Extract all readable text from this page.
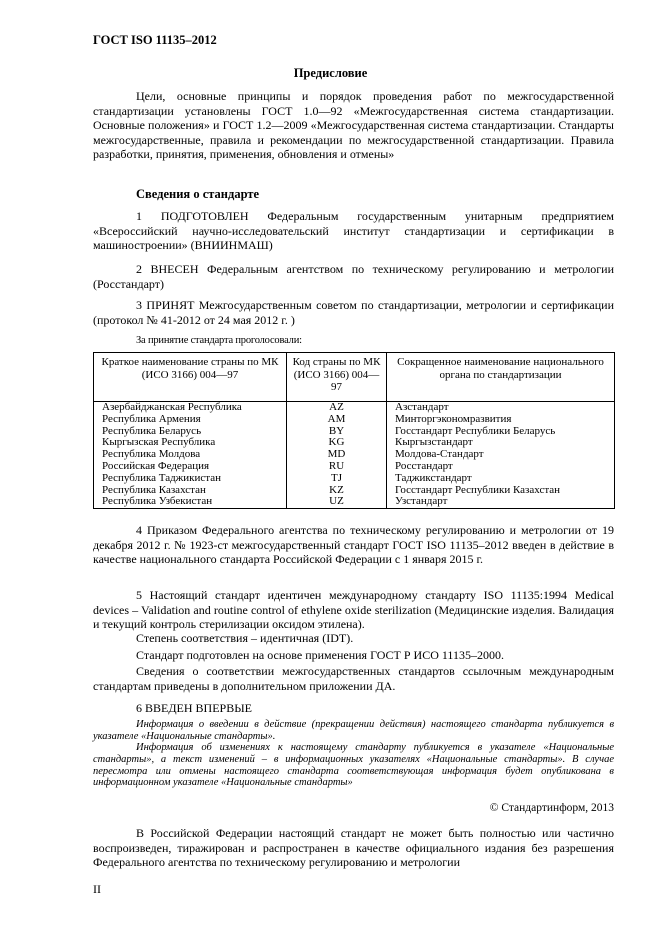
ГОСТ ISO 11135–2012
Предисловие
Цели, основные принципы и порядок проведения работ по межгосударственной стандартизации установлены ГОСТ 1.0—92 «Межгосударственная система стандартизации. Основные положения» и ГОСТ 1.2—2009 «Межгосударственная система стандартизации. Стандарты межгосударственные, правила и рекомендации по межгосударственной стандартизации. Правила разработки, принятия, применения, обновления и отмены»
Сведения о стандарте
1 ПОДГОТОВЛЕН Федеральным государственным унитарным предприятием «Всероссийский научно-исследовательский институт стандартизации и сертификации в машиностроении» (ВНИИНМАШ)
2 ВНЕСЕН Федеральным агентством по техническому регулированию и метрологии (Росстандарт)
3 ПРИНЯТ Межгосударственным советом по стандартизации, метрологии и сертификации (протокол № 41-2012 от 24 мая 2012 г. )
За принятие стандарта проголосовали:
Краткое наименование страны по МК (ИСО 3166) 004—97	Код страны по МК (ИСО 3166) 004—97	Сокращенное наименование национального органа по стандартизации
Азербайджанская Республика	AZ	Азстандарт
Республика Армения	AM	Минторгэкономразвития
Республика Беларусь	BY	Госстандарт Республики Беларусь
Кыргызская Республика	KG	Кыргызстандарт
Республика Молдова	MD	Молдова-Стандарт
Российская Федерация	RU	Росстандарт
Республика Таджикистан	TJ	Таджикстандарт
Республика Казахстан	KZ	Госстандарт Республики Казахстан
Республика Узбекистан	UZ	Узстандарт
4 Приказом Федерального агентства по техническому регулированию и метрологии от 19 декабря 2012 г. № 1923-ст межгосударственный стандарт ГОСТ ISO 11135–2012 введен в действие в качестве национального стандарта Российской Федерации с 1 января 2015 г.
5 Настоящий стандарт идентичен международному стандарту ISO 11135:1994 Medical devices – Validation and routine control of ethylene oxide sterilization (Медицинские изделия. Валидация и текущий контроль стерилизации оксидом этилена).
Степень соответствия – идентичная (IDT).
Стандарт подготовлен на основе применения ГОСТ Р ИСО 11135–2000.
Сведения о соответствии межгосударственных стандартов ссылочным международным стандартам приведены в дополнительном приложении ДА.
6 ВВЕДЕН ВПЕРВЫЕ
Информация о введении в действие (прекращении действия) настоящего стандарта публикуется в указателе «Национальные стандарты».
Информация об изменениях к настоящему стандарту публикуется в указателе «Национальные стандарты», а текст изменений – в информационных указателях «Национальные стандарты». В случае пересмотра или отмены настоящего стандарта соответствующая информация будет опубликована в информационном указателе «Национальные стандарты»
© Стандартинформ, 2013
В Российской Федерации настоящий стандарт не может быть полностью или частично воспроизведен, тиражирован и распространен в качестве официального издания без разрешения Федерального агентства по техническому регулированию и метрологии
II
